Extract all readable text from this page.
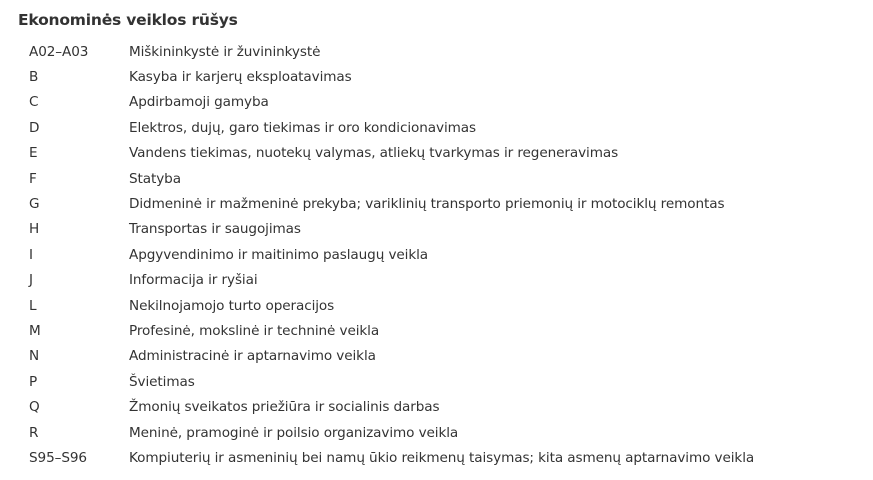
Ekonominės veiklos rūšys
A02–A03	Miškininkystė ir žuvininkystė
B	Kasyba ir karjerų eksploatavimas
C	Apdirbamoji gamyba
D	Elektros, dujų, garo tiekimas ir oro kondicionavimas
E	Vandens tiekimas, nuotekų valymas, atliekų tvarkymas ir regeneravimas
F	Statyba
G	Didmeninė ir mažmeninė prekyba; variklinių transporto priemonių ir motociklų remontas
H	Transportas ir saugojimas
I	Apgyvendinimo ir maitinimo paslaugų veikla
J	Informacija ir ryšiai
L	Nekilnojamojo turto operacijos
M	Profesinė, mokslinė ir techninė veikla
N	Administracinė ir aptarnavimo veikla
P	Švietimas
Q	Žmonių sveikatos priežiūra ir socialinis darbas
R	Meninė, pramoginė ir poilsio organizavimo veikla
S95–S96	Kompiuterių ir asmeninių bei namų ūkio reikmenų taisymas; kita asmenų aptarnavimo veikla
